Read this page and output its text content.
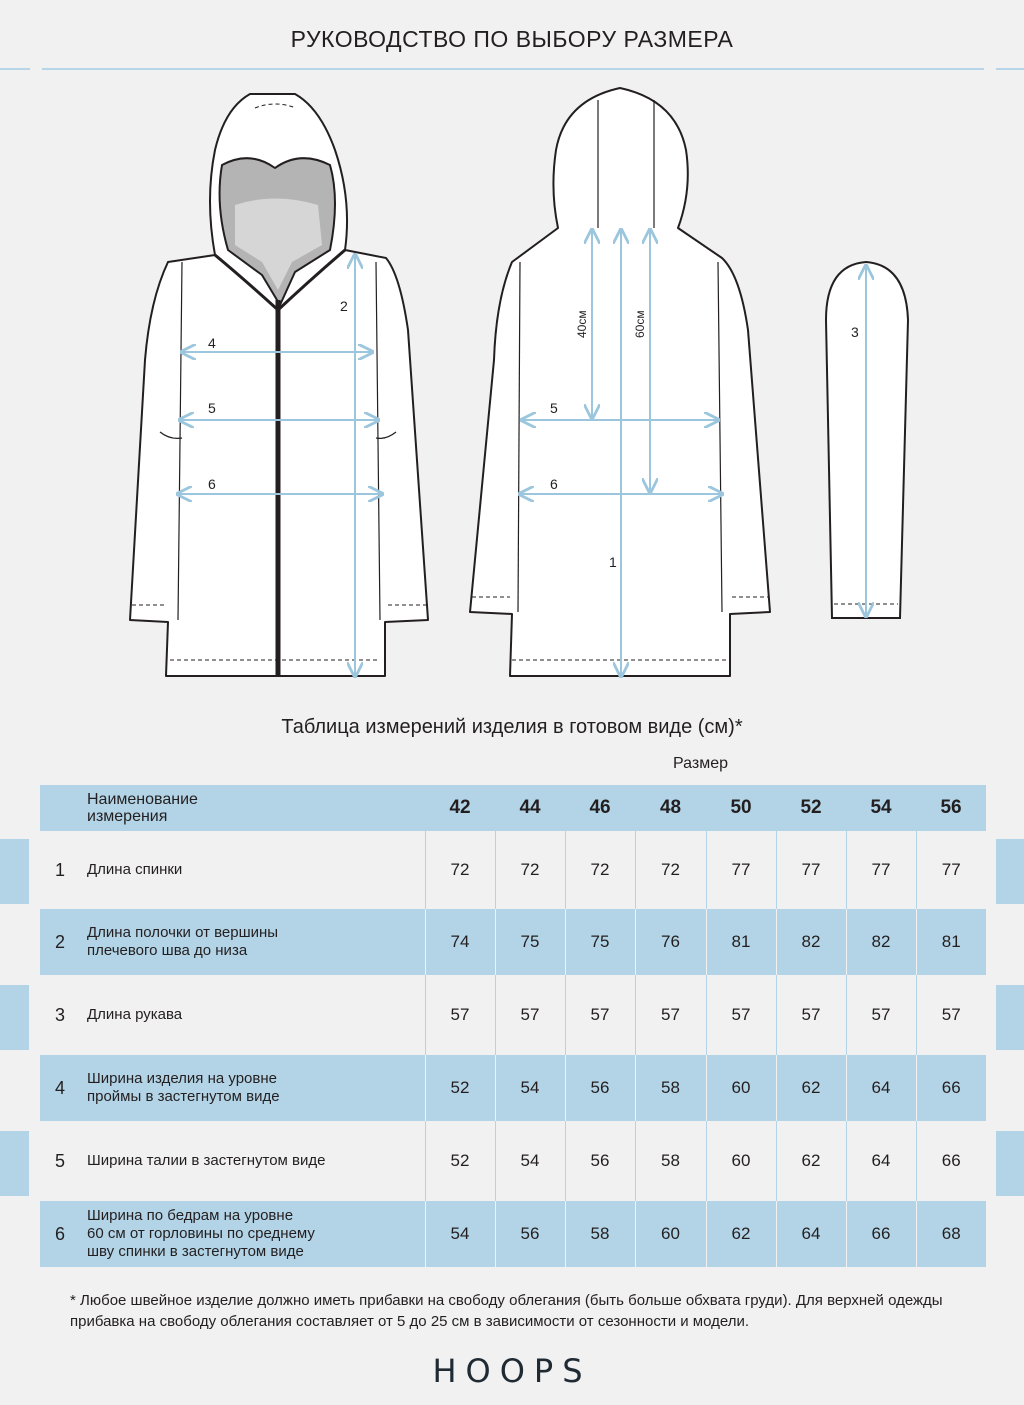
РУКОВОДСТВО ПО ВЫБОРУ РАЗМЕРА
4
5
6
2
5
6
1
40см	60см	3
Таблица измерений изделия в готовом виде (см)*
Размер
Наименование
измерения		42	44	46	48	50	52	54	56
1	Длина спинки	72	72	72	72	77	77	77	77
2	Длина полочки от вершины
плечевого шва до низа	74	75	75	76	81	82	82	81
3	Длина рукава	57	57	57	57	57	57	57	57
4	Ширина изделия на уровне
проймы в застегнутом виде	52	54	56	58	60	62	64	66
5	Ширина талии в застегнутом виде	52	54	56	58	60	62	64	66
6	Ширина по бедрам на уровне
60 см от горловины по среднему
шву спинки в застегнутом виде	54	56	58	60	62	64	66	68
* Любое швейное изделие должно иметь прибавки на свободу облегания (быть больше обхвата груди). Для верхней одежды прибавка на свободу облегания составляет от 5 до 25 см в зависимости от сезонности и модели.
HOOPS
